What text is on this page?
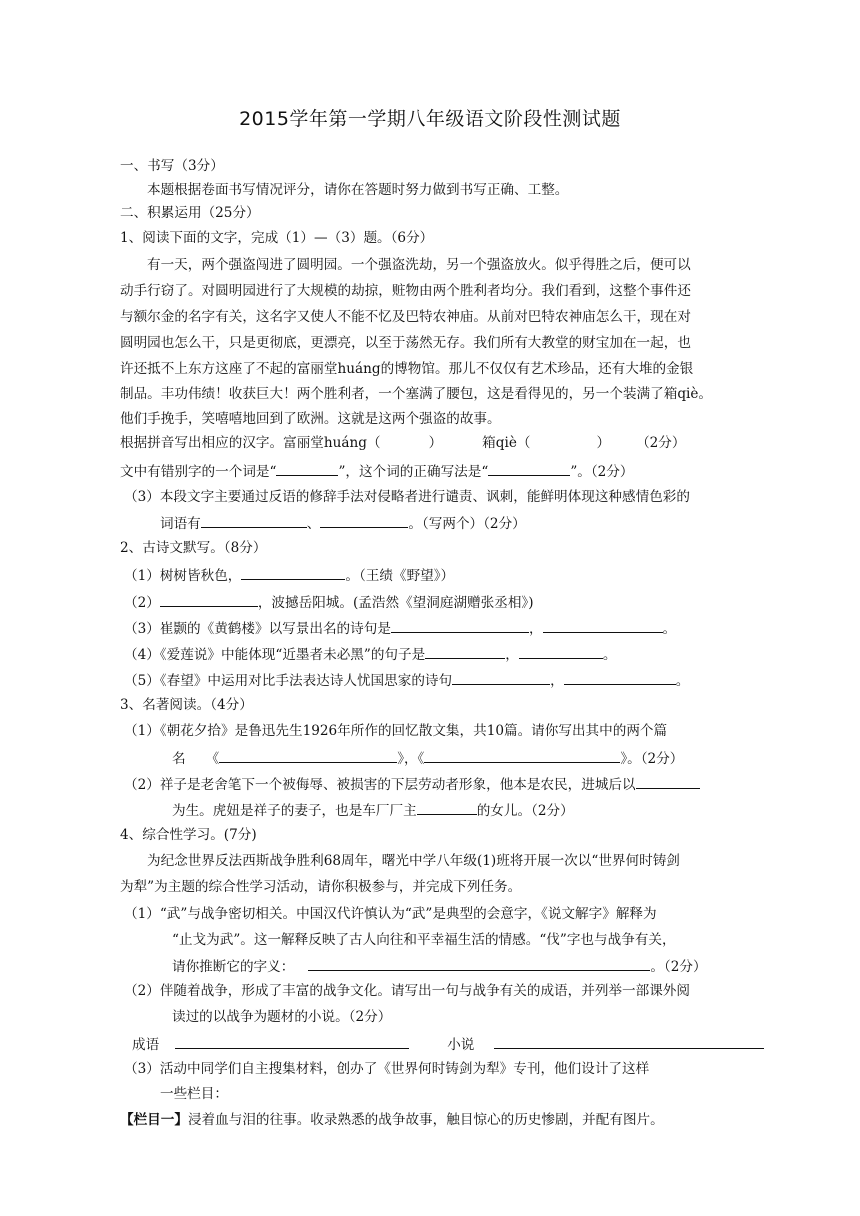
2015学年第一学期八年级语文阶段性测试题
一、书写（3分）
本题根据卷面书写情况评分，请你在答题时努力做到书写正确、工整。
二、积累运用（25分）
1、阅读下面的文字，完成（1）—（3）题。（6分）
有一天，两个强盗闯进了圆明园。一个强盗洗劫，另一个强盗放火。似乎得胜之后，便可以
动手行窃了。对圆明园进行了大规模的劫掠，赃物由两个胜利者均分。我们看到，这整个事件还
与额尔金的名字有关，这名字又使人不能不忆及巴特农神庙。从前对巴特农神庙怎么干，现在对
圆明园也怎么干，只是更彻底，更漂亮，以至于荡然无存。我们所有大教堂的财宝加在一起，也
许还抵不上东方这座了不起的富丽堂huáng的博物馆。那儿不仅仅有艺术珍品，还有大堆的金银
制品。丰功伟绩！收获巨大！两个胜利者，一个塞满了腰包，这是看得见的，另一个装满了箱qiè。
他们手挽手，笑嘻嘻地回到了欧洲。这就是这两个强盗的故事。
根据拼音写出相应的汉字。富丽堂huáng（	）	箱qiè（	） （2分）
文中有错别字的一个词是“	”，这个词的正确写法是“	”。（2分）
（3）本段文字主要通过反语的修辞手法对侵略者进行谴责、讽刺，能鲜明体现这种感情色彩的
词语有	、	。（写两个）（2分）
2、古诗文默写。（8分）
（1）树树皆秋色，	。（王绩《野望》）
（2）	，波撼岳阳城。(孟浩然《望洞庭湖赠张丞相》)
（3）崔颢的《黄鹤楼》以写景出名的诗句是	，	。
（4）《爱莲说》中能体现“近墨者未必黑”的句子是	，	。
（5）《春望》中运用对比手法表达诗人忧国思家的诗句	，	。
3、名著阅读。（4分）
（1）《朝花夕拾》是鲁迅先生1926年所作的回忆散文集，共10篇。请你写出其中的两个篇
名 《	》，《	》。（2分）
（2）祥子是老舍笔下一个被侮辱、被损害的下层劳动者形象，他本是农民，进城后以
为生。虎妞是祥子的妻子，也是车厂厂主	的女儿。（2分）
4、综合性学习。(7分)
为纪念世界反法西斯战争胜利68周年，曙光中学八年级(1)班将开展一次以“世界何时铸剑
为犁”为主题的综合性学习活动，请你积极参与，并完成下列任务。
（1）“武”与战争密切相关。中国汉代许慎认为“武”是典型的会意字，《说文解字》解释为
“止戈为武”。这一解释反映了古人向往和平幸福生活的情感。“伐”字也与战争有关，
请你推断它的字义：	。（2分）
（2）伴随着战争，形成了丰富的战争文化。请写出一句与战争有关的成语，并列举一部课外阅
读过的以战争为题材的小说。（2分）
成语	小说
（3）活动中同学们自主搜集材料，创办了《世界何时铸剑为犁》专刊，他们设计了这样
一些栏目：
【栏目一】浸着血与泪的往事。收录熟悉的战争故事，触目惊心的历史惨剧，并配有图片。
